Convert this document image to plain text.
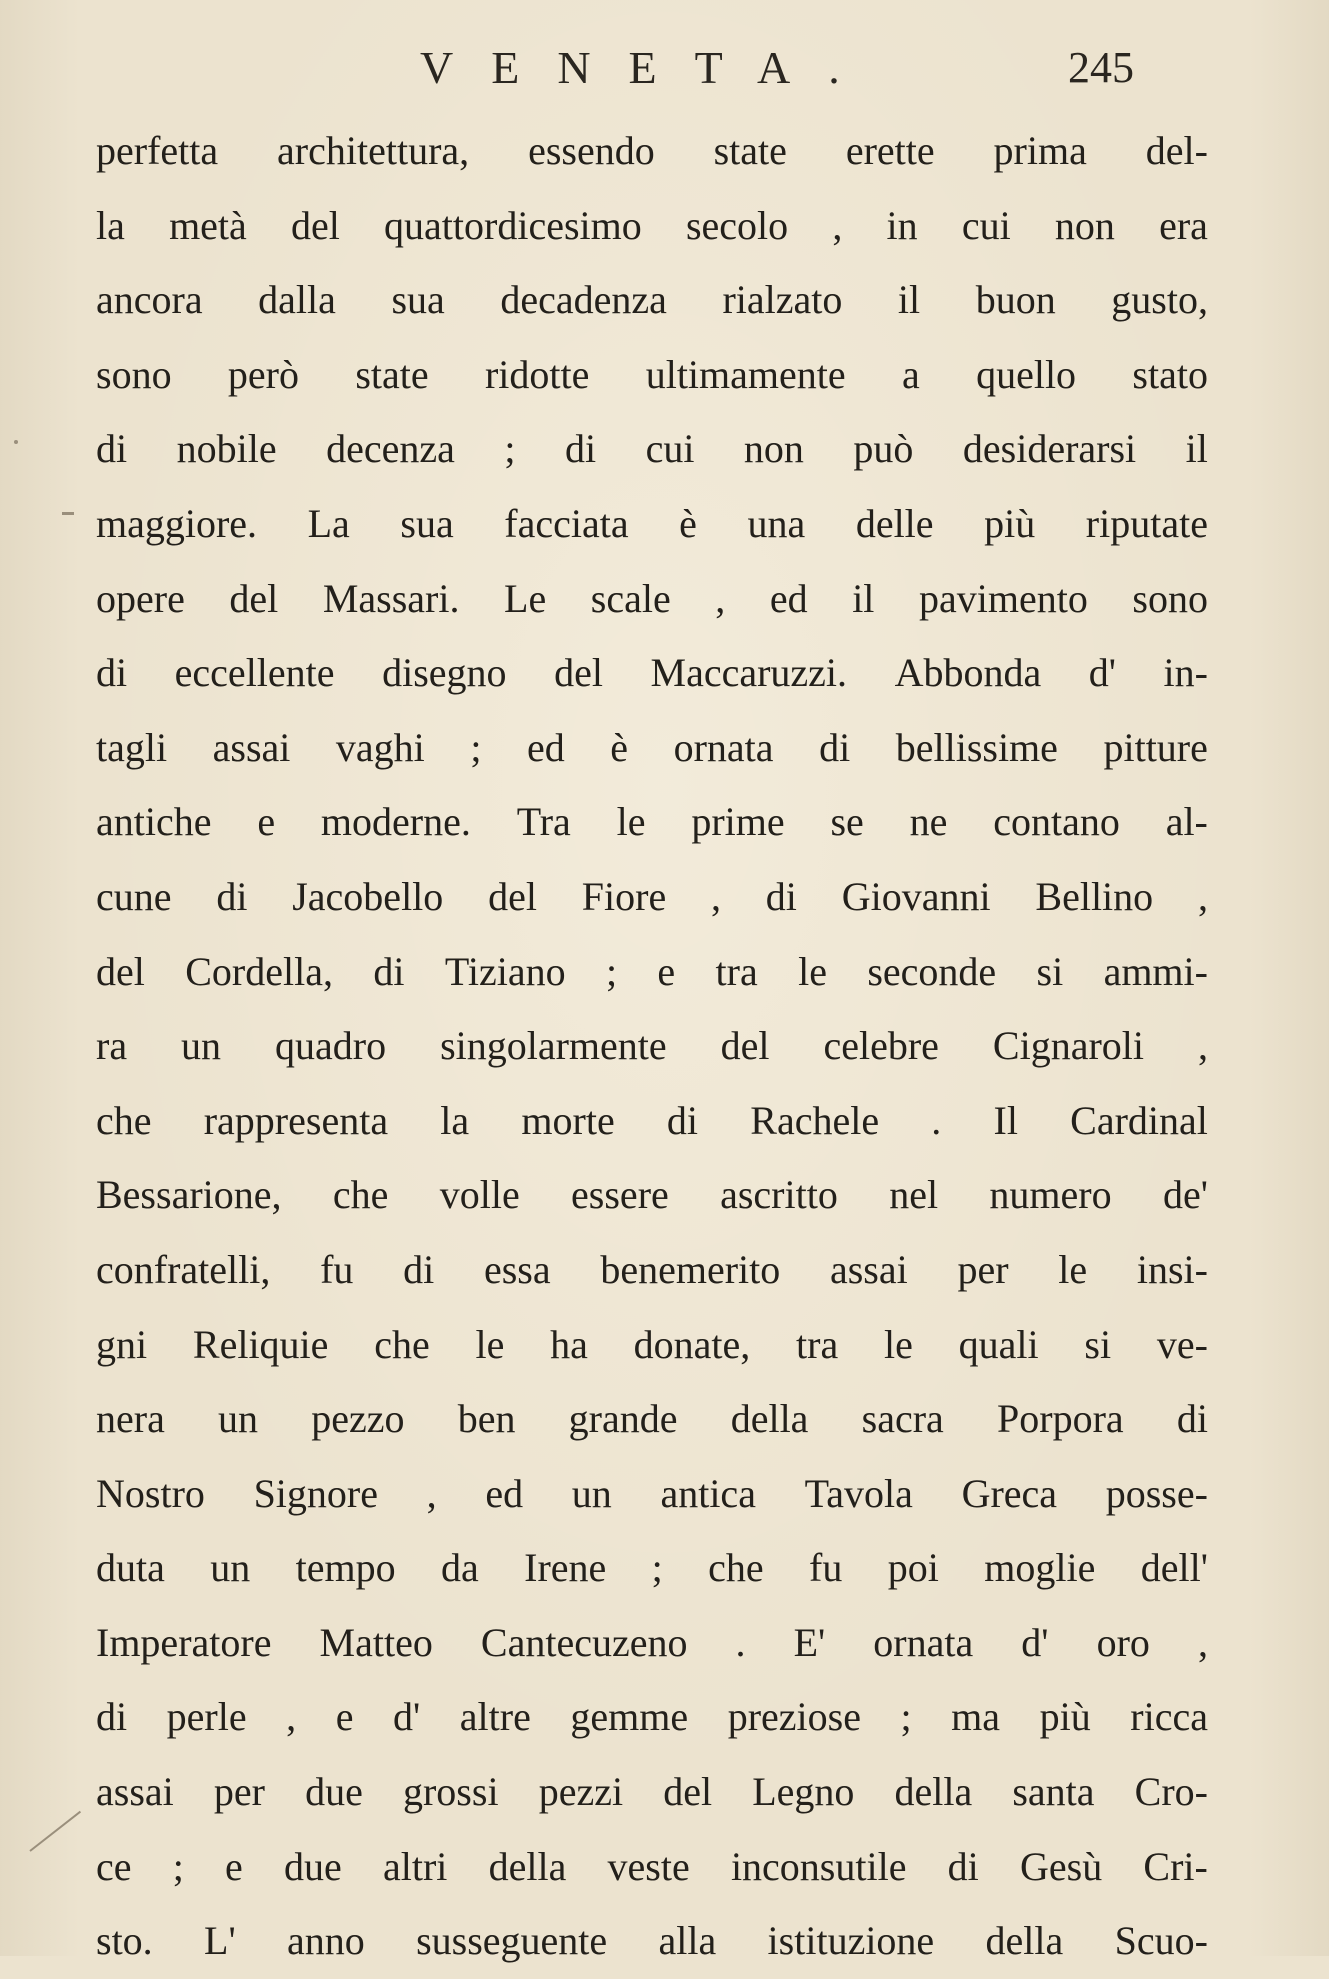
VENETA.	245
perfetta architettura, essendo state erette prima del-
la metà del quattordicesimo secolo , in cui non era
ancora dalla sua decadenza rialzato il buon gusto,
sono però state ridotte ultimamente a quello stato
di nobile decenza ; di cui non può desiderarsi il
maggiore. La sua facciata è una delle più riputate
opere del Massari. Le scale , ed il pavimento sono
di eccellente disegno del Maccaruzzi. Abbonda d' in-
tagli assai vaghi ; ed è ornata di bellissime pitture
antiche e moderne. Tra le prime se ne contano al-
cune di Jacobello del Fiore , di Giovanni Bellino ,
del Cordella, di Tiziano ; e tra le seconde si ammi-
ra un quadro singolarmente del celebre Cignaroli ,
che rappresenta la morte di Rachele . Il Cardinal
Bessarione, che volle essere ascritto nel numero de'
confratelli, fu di essa benemerito assai per le insi-
gni Reliquie che le ha donate, tra le quali si ve-
nera un pezzo ben grande della sacra Porpora di
Nostro Signore , ed un antica Tavola Greca posse-
duta un tempo da Irene ; che fu poi moglie dell'
Imperatore Matteo Cantecuzeno . E' ornata d' oro ,
di perle , e d' altre gemme preziose ; ma più ricca
assai per due grossi pezzi del Legno della santa Cro-
ce ; e due altri della veste inconsutile di Gesù Cri-
sto. L' anno susseguente alla istituzione della Scuo-
